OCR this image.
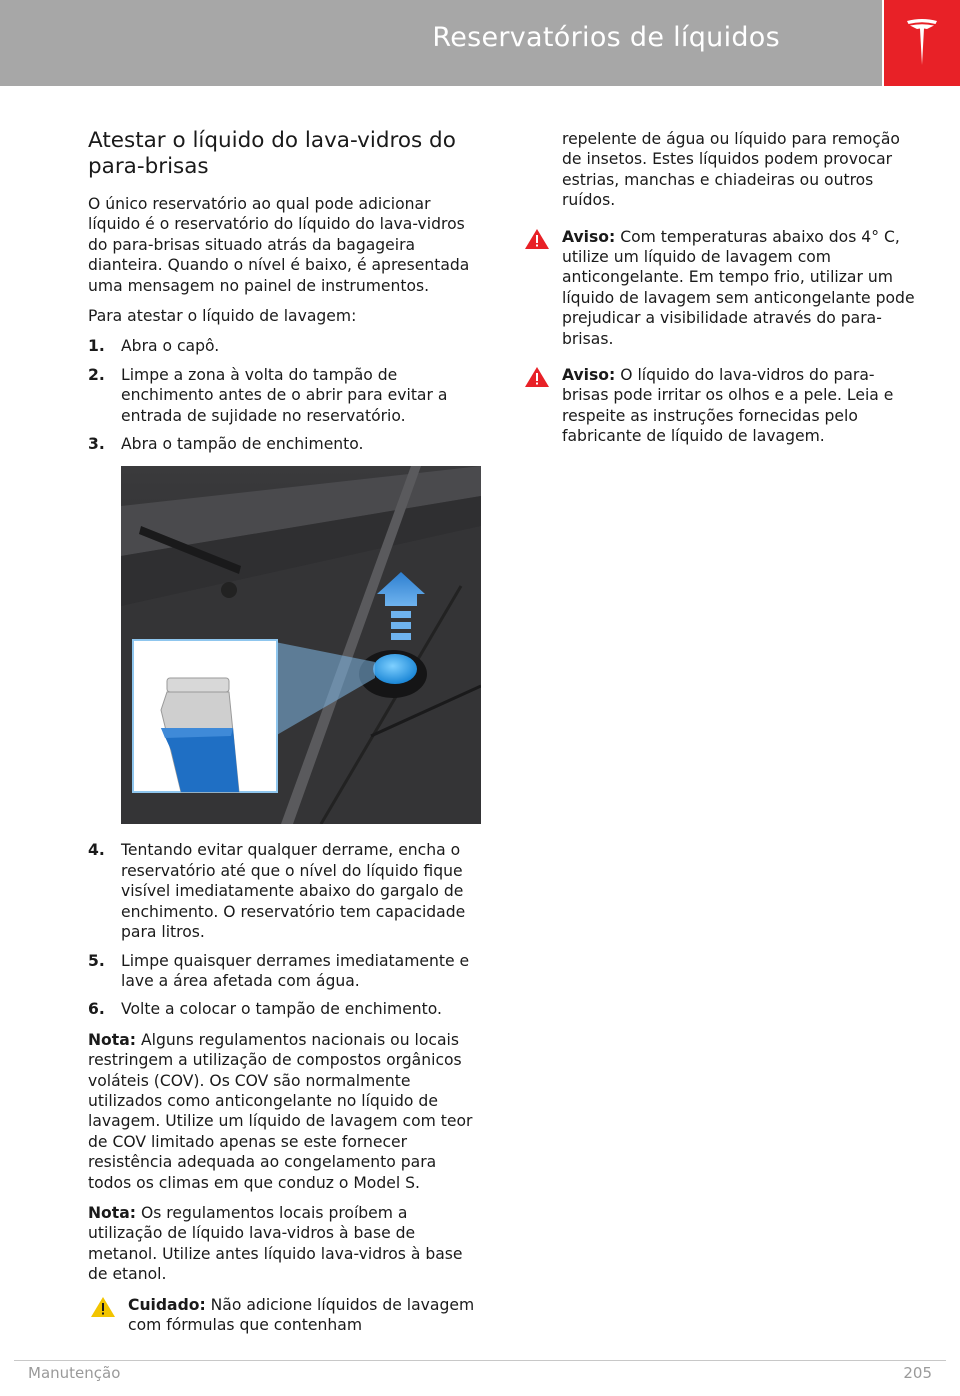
Reservatórios de líquidos
Atestar o líquido do lava-vidros do para-brisas

O único reservatório ao qual pode adicionar líquido é o reservatório do líquido do lava-vidros do para-brisas situado atrás da bagageira dianteira. Quando o nível é baixo, é apresentada uma mensagem no painel de instrumentos.

Para atestar o líquido de lavagem:

1. Abra o capô.
2. Limpe a zona à volta do tampão de enchimento antes de o abrir para evitar a entrada de sujidade no reservatório.
3. Abra o tampão de enchimento.
4. Tentando evitar qualquer derrame, encha o reservatório até que o nível do líquido fique visível imediatamente abaixo do gargalo de enchimento. O reservatório tem capacidade para litros.
5. Limpe quaisquer derrames imediatamente e lave a área afetada com água.
6. Volte a colocar o tampão de enchimento.

Nota: Alguns regulamentos nacionais ou locais restringem a utilização de compostos orgânicos voláteis (COV). Os COV são normalmente utilizados como anticongelante no líquido de lavagem. Utilize um líquido de lavagem com teor de COV limitado apenas se este fornecer resistência adequada ao congelamento para todos os climas em que conduz o Model S.

Nota: Os regulamentos locais proíbem a utilização de líquido lava-vidros à base de metanol. Utilize antes líquido lava-vidros à base de etanol.

Cuidado: Não adicione líquidos de lavagem com fórmulas que contenham

repelente de água ou líquido para remoção de insetos. Estes líquidos podem provocar estrias, manchas e chiadeiras ou outros ruídos.

Aviso: Com temperaturas abaixo dos 4° C, utilize um líquido de lavagem com anticongelante. Em tempo frio, utilizar um líquido de lavagem sem anticongelante pode prejudicar a visibilidade através do para-brisas.
Aviso: O líquido do lava-vidros do para-brisas pode irritar os olhos e a pele. Leia e respeite as instruções fornecidas pelo fabricante de líquido de lavagem.
Manutenção	205
